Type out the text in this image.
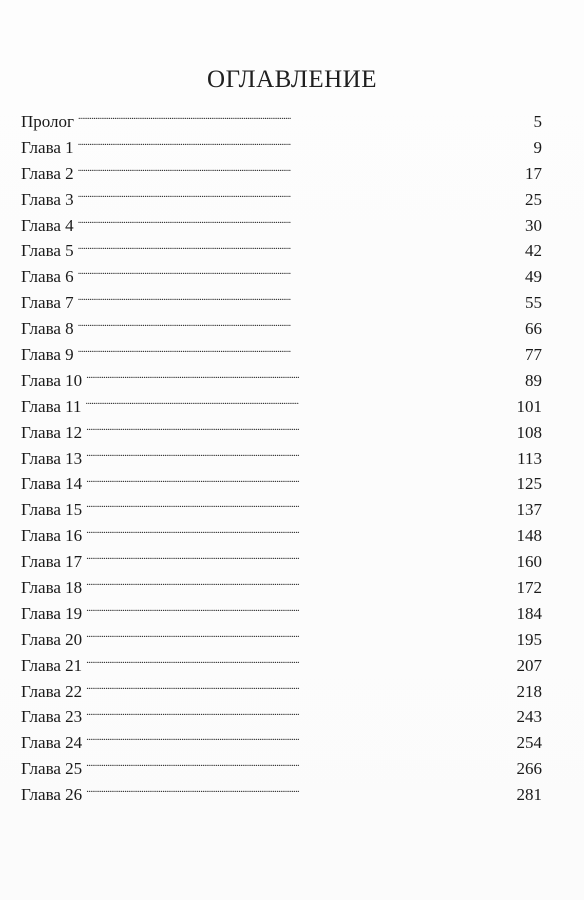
ОГЛАВЛЕНИЕ
Пролог . . .	5
Глава 1 . . .	9
Глава 2 . . .	17
Глава 3 . . .	25
Глава 4 . . .	30
Глава 5 . . .	42
Глава 6 . . .	49
Глава 7 . . .	55
Глава 8 . . .	66
Глава 9 . . .	77
Глава 10 . . .	89
Глава 11 . . .	101
Глава 12 . . .	108
Глава 13 . . .	113
Глава 14 . . .	125
Глава 15 . . .	137
Глава 16 . . .	148
Глава 17 . . .	160
Глава 18 . . .	172
Глава 19 . . .	184
Глава 20 . . .	195
Глава 21 . . .	207
Глава 22 . . .	218
Глава 23 . . .	243
Глава 24 . . .	254
Глава 25 . . .	266
Глава 26 . . .	281
